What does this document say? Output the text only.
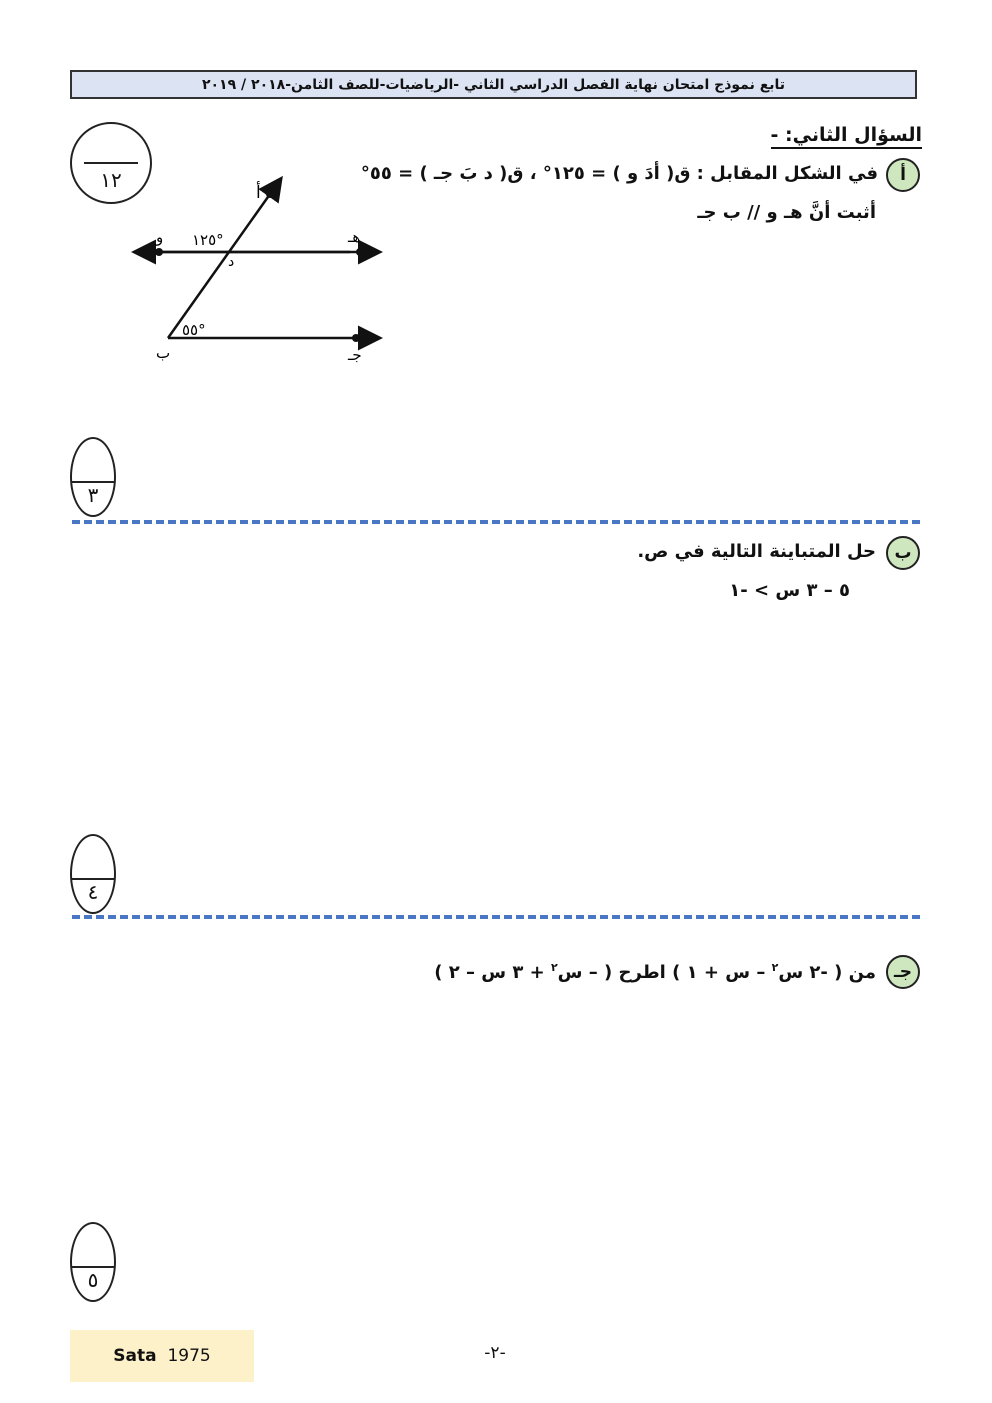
تابع نموذج امتحان نهاية الفصل الدراسي الثاني -الرياضيات-للصف الثامن-٢٠١٨ / ٢٠١٩
١٢
السؤال الثاني: -
أ
في الشكل المقابل : ق( أدَ و ) = ١٢٥° ، ق( د بَ جـ ) = ٥٥°
أثبت أنَّ هـ و // ب جـ
أ
د
و	هـ
ب	جـ
١٢٥°
٥٥°
٣
ب
حل المتباينة التالية في ص.
٥ – ٣ س > -١
٤
جـ
من ( -٢ س$^٢$ – س + ١ ) اطرح ( – س$^٢$ + ٣ س – ٢ )
٥
Sata
1975	-٢-
